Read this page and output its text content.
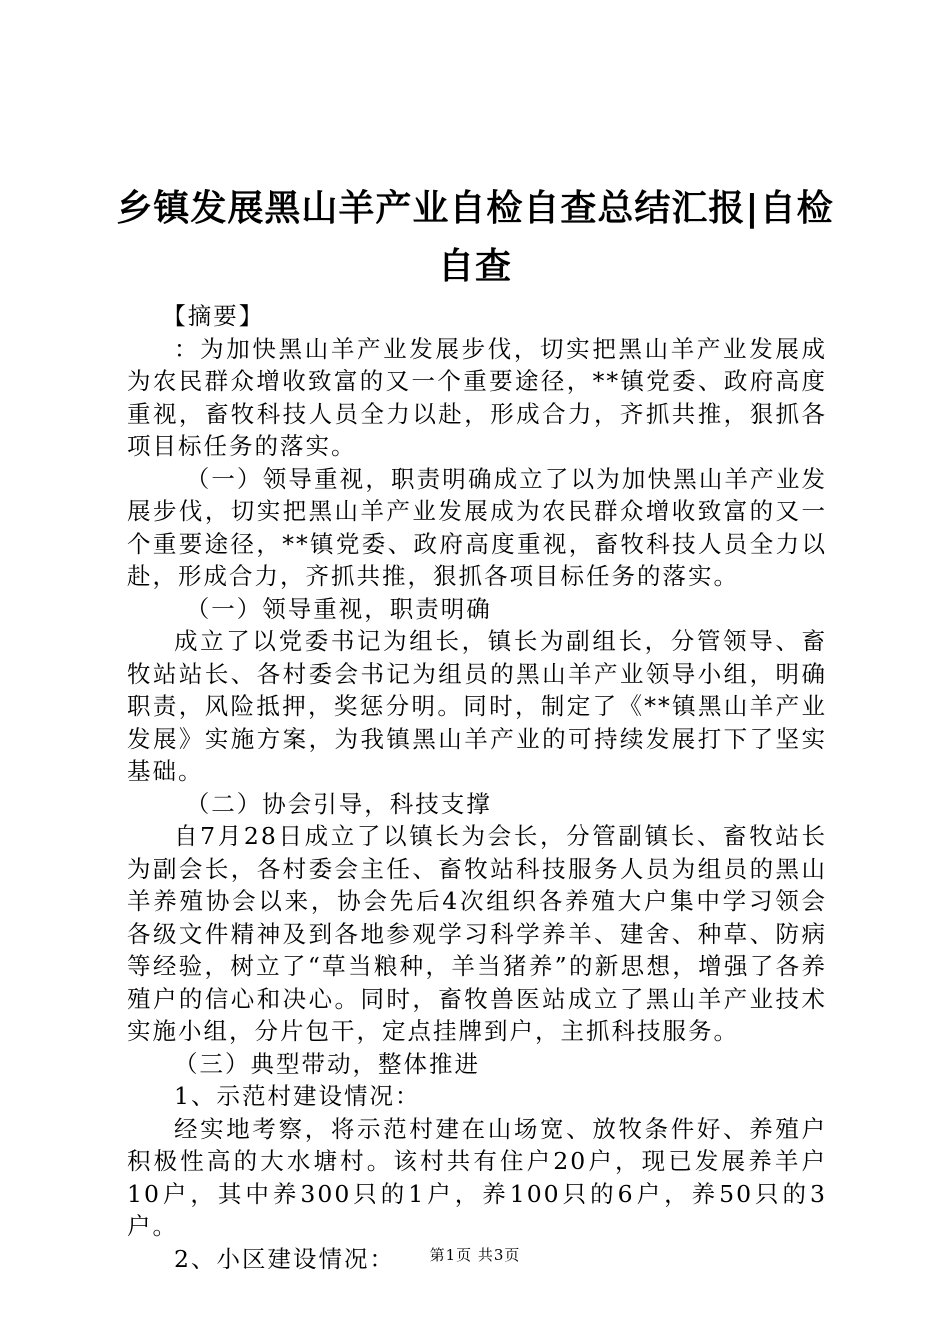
乡镇发展黑山羊产业自检自查总结汇报|自检自查

【摘要】

：为加快黑山羊产业发展步伐，切实把黑山羊产业发展成为农民群众增收致富的又一个重要途径，**镇党委、政府高度重视，畜牧科技人员全力以赴，形成合力，齐抓共推，狠抓各项目标任务的落实。

（一）领导重视，职责明确成立了以为加快黑山羊产业发展步伐，切实把黑山羊产业发展成为农民群众增收致富的又一个重要途径，**镇党委、政府高度重视，畜牧科技人员全力以赴，形成合力，齐抓共推，狠抓各项目标任务的落实。

（一）领导重视，职责明确

成立了以党委书记为组长，镇长为副组长，分管领导、畜牧站站长、各村委会书记为组员的黑山羊产业领导小组，明确职责，风险抵押，奖惩分明。同时，制定了《**镇黑山羊产业发展》实施方案，为我镇黑山羊产业的可持续发展打下了坚实基础。

（二）协会引导，科技支撑

自7月28日成立了以镇长为会长，分管副镇长、畜牧站长为副会长，各村委会主任、畜牧站科技服务人员为组员的黑山羊养殖协会以来，协会先后4次组织各养殖大户集中学习领会各级文件精神及到各地参观学习科学养羊、建舍、种草、防病等经验，树立了“草当粮种，羊当猪养”的新思想，增强了各养殖户的信心和决心。同时，畜牧兽医站成立了黑山羊产业技术实施小组，分片包干，定点挂牌到户，主抓科技服务。

（三）典型带动，整体推进

1、示范村建设情况：

经实地考察，将示范村建在山场宽、放牧条件好、养殖户积极性高的大水塘村。该村共有住户20户，现已发展养羊户10户，其中养300只的1户，养100只的6户，养50只的3户。

2、小区建设情况：	第1页 共3页
